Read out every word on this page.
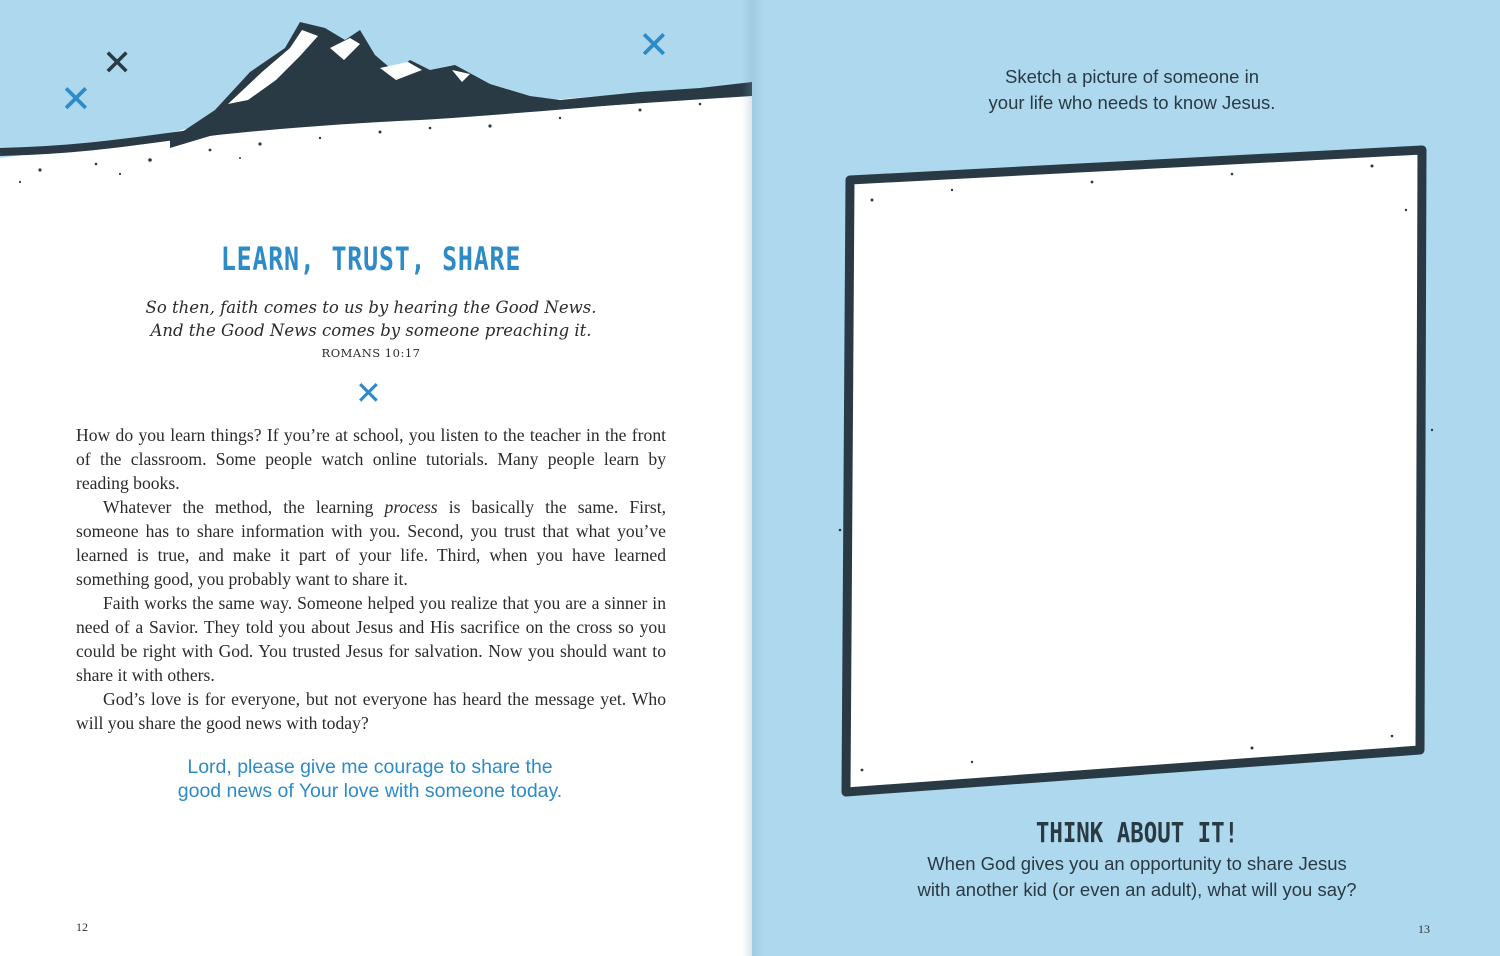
✕
✕	✕
LEARN, TRUST, SHARE
So then, faith comes to us by hearing the Good News.
And the Good News comes by someone preaching it.
ROMANS 10:17
✕

How do you learn things? If you’re at school, you listen to the teacher in the front of the classroom. Some people watch online tutorials. Many people learn by reading books.

Whatever the method, the learning process is basically the same. First, someone has to share information with you. Second, you trust that what you’ve learned is true, and make it part of your life. Third, when you have learned something good, you probably want to share it.

Faith works the same way. Someone helped you realize that you are a sinner in need of a Savior. They told you about Jesus and His sacrifice on the cross so you could be right with God. You trusted Jesus for salvation. Now you should want to share it with others.

God’s love is for everyone, but not everyone has heard the message yet. Who will you share the good news with today?

Lord, please give me courage to share the
good news of Your love with someone today.
12
Sketch a picture of someone in
your life who needs to know Jesus.
THINK ABOUT IT!
When God gives you an opportunity to share Jesus
with another kid (or even an adult), what will you say?
13
